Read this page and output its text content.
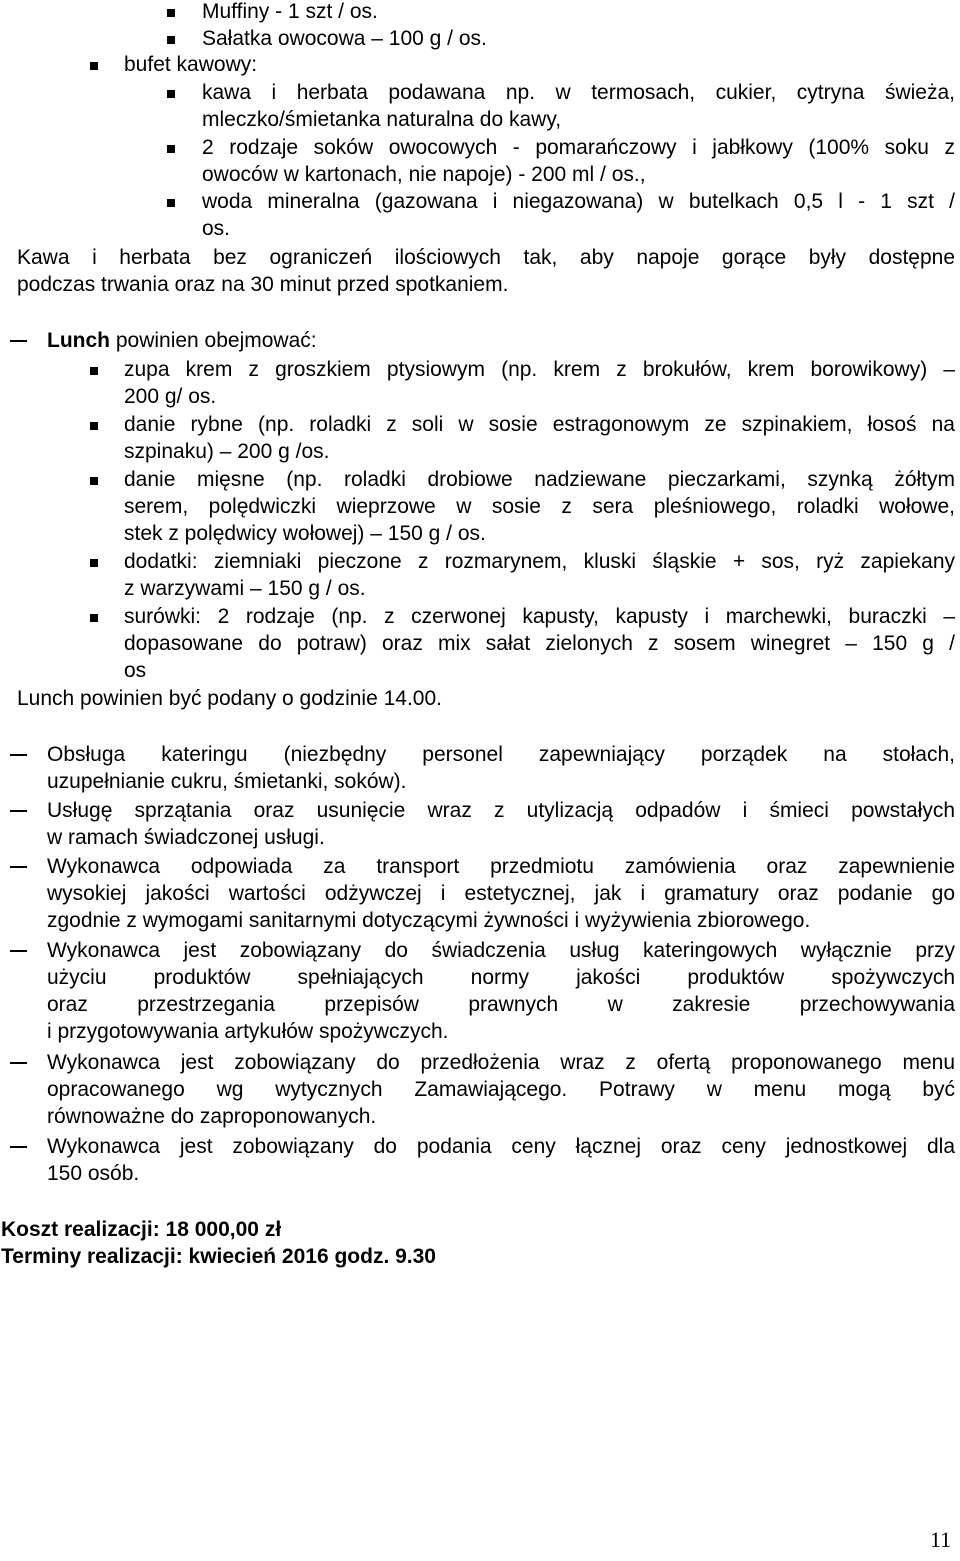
Muffiny - 1 szt / os.
Sałatka owocowa – 100 g / os.
bufet kawowy:
kawa i herbata podawana np. w termosach, cukier, cytryna świeża,
mleczko/śmietanka naturalna do kawy,
2 rodzaje soków owocowych - pomarańczowy i jabłkowy (100% soku z
owoców w kartonach, nie napoje) - 200 ml / os.,
woda mineralna (gazowana i niegazowana) w butelkach 0,5 l - 1 szt /
os.
Kawa i herbata bez ograniczeń ilościowych tak, aby napoje gorące były dostępne
podczas trwania oraz na 30 minut przed spotkaniem.
Lunch powinien obejmować:
zupa krem z groszkiem ptysiowym (np. krem z brokułów, krem borowikowy) –
200 g/ os.
danie rybne (np. roladki z soli w sosie estragonowym ze szpinakiem, łosoś na
szpinaku) – 200 g /os.
danie mięsne (np. roladki drobiowe nadziewane pieczarkami, szynką żółtym
serem, polędwiczki wieprzowe w sosie z sera pleśniowego, roladki wołowe,
stek z polędwicy wołowej) – 150 g / os.
dodatki: ziemniaki pieczone z rozmarynem, kluski śląskie + sos, ryż zapiekany
z warzywami – 150 g / os.
surówki: 2 rodzaje (np. z czerwonej kapusty, kapusty i marchewki, buraczki –
dopasowane do potraw) oraz mix sałat zielonych z sosem winegret – 150 g /
os
Lunch powinien być podany o godzinie 14.00.
Obsługa kateringu (niezbędny personel zapewniający porządek na stołach,
uzupełnianie cukru, śmietanki, soków).
Usługę sprzątania oraz usunięcie wraz z utylizacją odpadów i śmieci powstałych
w ramach świadczonej usługi.
Wykonawca odpowiada za transport przedmiotu zamówienia oraz zapewnienie
wysokiej jakości wartości odżywczej i estetycznej, jak i gramatury oraz podanie go
zgodnie z wymogami sanitarnymi dotyczącymi żywności i wyżywienia zbiorowego.
Wykonawca jest zobowiązany do świadczenia usług kateringowych wyłącznie przy
użyciu produktów spełniających normy jakości produktów spożywczych
oraz przestrzegania przepisów prawnych w zakresie przechowywania
i przygotowywania artykułów spożywczych.
Wykonawca jest zobowiązany do przedłożenia wraz z ofertą proponowanego menu
opracowanego wg wytycznych Zamawiającego. Potrawy w menu mogą być
równoważne do zaproponowanych.
Wykonawca jest zobowiązany do podania ceny łącznej oraz ceny jednostkowej dla
150 osób.
Koszt realizacji: 18 000,00 zł
Terminy realizacji: kwiecień 2016 godz. 9.30
11
